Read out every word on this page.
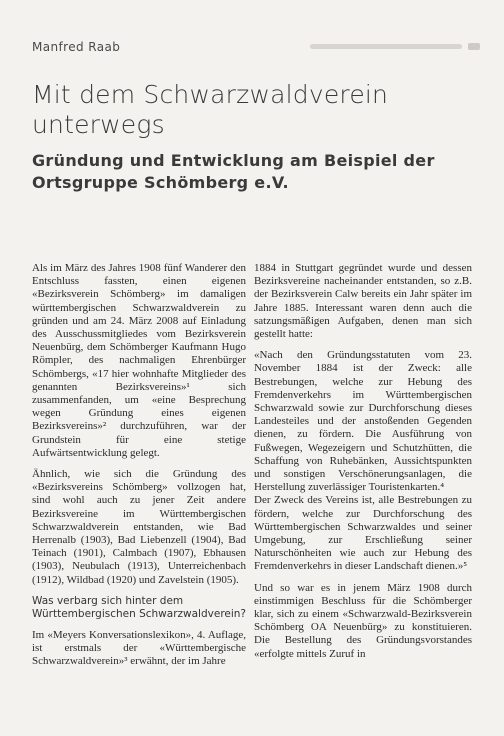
Manfred Raab
Mit dem Schwarzwaldverein unterwegs
Gründung und Entwicklung am Beispiel der Ortsgruppe Schömberg e.V.

Als im März des Jahres 1908 fünf Wanderer den Entschluss fassten, einen eigenen «Bezirksverein Schömberg» im damaligen württembergischen Schwarzwaldverein zu gründen und am 24. März 2008 auf Einladung des Ausschussmitgliedes vom Bezirksverein Neuenbürg, dem Schömberger Kaufmann Hugo Römpler, des nachmaligen Ehrenbürger Schömbergs, «17 hier wohnhafte Mitglieder des genannten Bezirksvereins»¹ sich zusammenfanden, um «eine Besprechung wegen Gründung eines eigenen Bezirksvereins»² durchzuführen, war der Grundstein für eine stetige Aufwärtsentwicklung gelegt.

Ähnlich, wie sich die Gründung des «Bezirksvereins Schömberg» vollzogen hat, sind wohl auch zu jener Zeit andere Bezirksvereine im Württembergischen Schwarzwaldverein entstanden, wie Bad Herrenalb (1903), Bad Liebenzell (1904), Bad Teinach (1901), Calmbach (1907), Ebhausen (1903), Neubulach (1913), Unterreichenbach (1912), Wildbad (1920) und Zavelstein (1905).

Was verbarg sich hinter dem Württembergischen Schwarzwaldverein?

Im «Meyers Konversationslexikon», 4. Auflage, ist erstmals der «Württembergische Schwarzwaldverein»³ erwähnt, der im Jahre

1884 in Stuttgart gegründet wurde und dessen Bezirksvereine nacheinander entstanden, so z.B. der Bezirksverein Calw bereits ein Jahr später im Jahre 1885. Interessant waren denn auch die satzungsmäßigen Aufgaben, denen man sich gestellt hatte:

«Nach den Gründungsstatuten vom 23. November 1884 ist der Zweck: alle Bestrebungen, welche zur Hebung des Fremdenverkehrs im Württembergischen Schwarzwald sowie zur Durchforschung dieses Landesteiles und der anstoßenden Gegenden dienen, zu fördern. Die Ausführung von Fußwegen, Wegezeigern und Schutzhütten, die Schaffung von Ruhebänken, Aussichtspunkten und sonstigen Verschönerungsanlagen, die Herstellung zuverlässiger Touristenkarten.⁴

Der Zweck des Vereins ist, alle Bestrebungen zu fördern, welche zur Durchforschung des Württembergischen Schwarzwaldes und seiner Umgebung, zur Erschließung seiner Naturschönheiten wie auch zur Hebung des Fremdenverkehrs in dieser Landschaft dienen.»⁵

Und so war es in jenem März 1908 durch einstimmigen Beschluss für die Schömberger klar, sich zu einem «Schwarzwald-Bezirksverein Schömberg OA Neuenbürg» zu konstituieren. Die Bestellung des Gründungsvorstandes «erfolgte mittels Zuruf in
